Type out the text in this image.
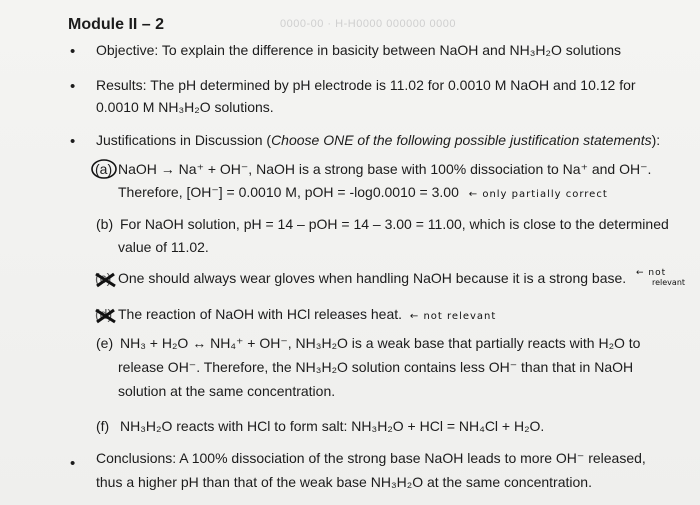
0000-00 · H-H0000 000000 0000
Module II – 2
• Objective: To explain the difference in basicity between NaOH and NH₃H₂O solutions
• Results: The pH determined by pH electrode is 11.02 for 0.0010 M NaOH and 10.12 for
0.0010 M NH₃H₂O solutions.
• Justifications in Discussion (Choose ONE of the following possible justification statements):
(a) NaOH → Na⁺ + OH⁻, NaOH is a strong base with 100% dissociation to Na⁺ and OH⁻.
Therefore, [OH⁻] = 0.0010 M, pOH = -log0.0010 = 3.00 ← only partially correct
(b) For NaOH solution, pH = 14 – pOH = 14 – 3.00 = 11.00, which is close to the determined
value of 11.02.
(c) One should always wear gloves when handling NaOH because it is a strong base. ← not
relevant
(d) The reaction of NaOH with HCl releases heat. ← not relevant
(e) NH₃ + H₂O ↔ NH₄⁺ + OH⁻, NH₃H₂O is a weak base that partially reacts with H₂O to
release OH⁻. Therefore, the NH₃H₂O solution contains less OH⁻ than that in NaOH
solution at the same concentration.
(f) NH₃H₂O reacts with HCl to form salt: NH₃H₂O + HCl = NH₄Cl + H₂O.
• Conclusions: A 100% dissociation of the strong base NaOH leads to more OH⁻ released,
thus a higher pH than that of the weak base NH₃H₂O at the same concentration.
